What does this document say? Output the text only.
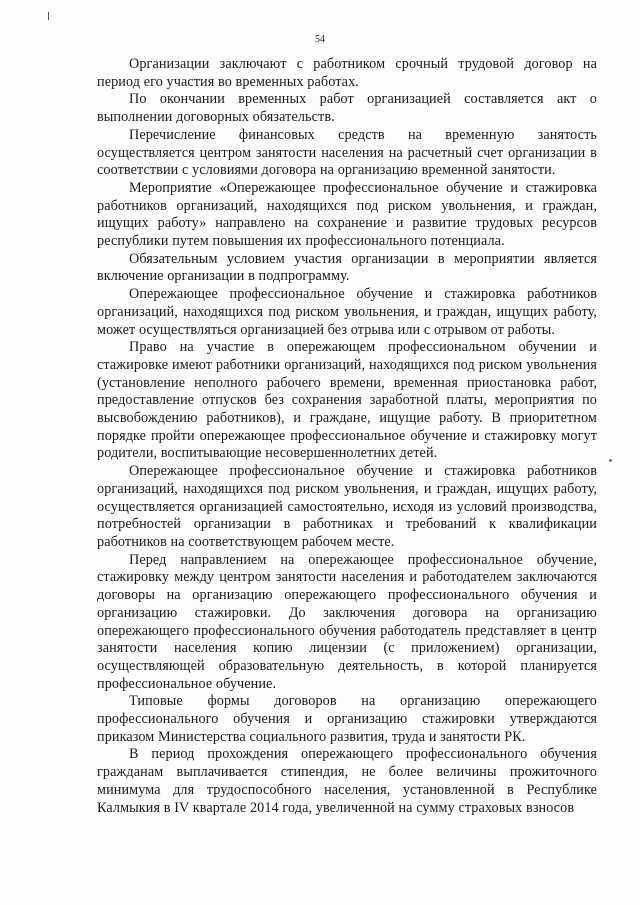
54

Организации заключают с работником срочный трудовой договор на период его участия во временных работах.

По окончании временных работ организацией составляется акт о выполнении договорных обязательств.

Перечисление финансовых средств на временную занятость осуществляется центром занятости населения на расчетный счет организации в соответствии с условиями договора на организацию временной занятости.

Мероприятие «Опережающее профессиональное обучение и стажировка работников организаций, находящихся под риском увольнения, и граждан, ищущих работу» направлено на сохранение и развитие трудовых ресурсов республики путем повышения их профессионального потенциала.

Обязательным условием участия организации в мероприятии является включение организации в подпрограмму.

Опережающее профессиональное обучение и стажировка работников организаций, находящихся под риском увольнения, и граждан, ищущих работу, может осуществляться организацией без отрыва или с отрывом от работы.

Право на участие в опережающем профессиональном обучении и стажировке имеют работники организаций, находящихся под риском увольнения (установление неполного рабочего времени, временная приостановка работ, предоставление отпусков без сохранения заработной платы, мероприятия по высвобождению работников), и граждане, ищущие работу. В приоритетном порядке пройти опережающее профессиональное обучение и стажировку могут родители, воспитывающие несовершеннолетних детей.

Опережающее профессиональное обучение и стажировка работников организаций, находящихся под риском увольнения, и граждан, ищущих работу, осуществляется организацией самостоятельно, исходя из условий производства, потребностей организации в работниках и требований к квалификации работников на соответствующем рабочем месте.

Перед направлением на опережающее профессиональное обучение, стажировку между центром занятости населения и работодателем заключаются договоры на организацию опережающего профессионального обучения и организацию стажировки. До заключения договора на организацию опережающего профессионального обучения работодатель представляет в центр занятости населения копию лицензии (с приложением) организации, осуществляющей образовательную деятельность, в которой планируется профессиональное обучение.

Типовые формы договоров на организацию опережающего профессионального обучения и организацию стажировки утверждаются приказом Министерства социального развития, труда и занятости РК.

В период прохождения опережающего профессионального обучения гражданам выплачивается стипендия, не более величины прожиточного минимума для трудоспособного населения, установленной в Республике Калмыкия в IV квартале 2014 года, увеличенной на сумму страховых взносов
